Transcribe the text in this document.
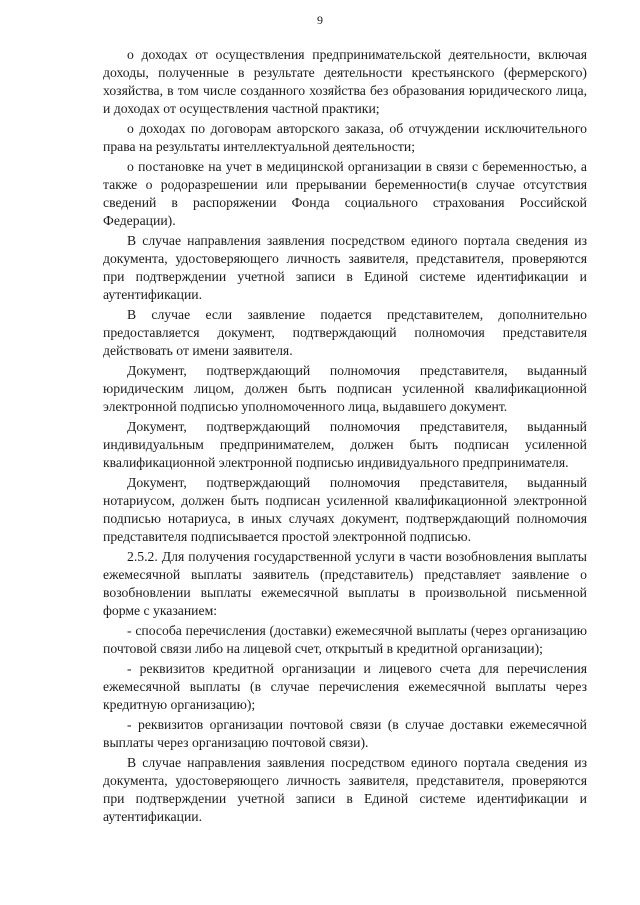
9

о доходах от осуществления предпринимательской деятельности, включая доходы, полученные в результате деятельности крестьянского (фермерского) хозяйства, в том числе созданного хозяйства без образования юридического лица, и доходах от осуществления частной практики;

о доходах по договорам авторского заказа, об отчуждении исключительного права на результаты интеллектуальной деятельности;

о постановке на учет в медицинской организации в связи с беременностью, а также о родоразрешении или прерывании беременности(в случае отсутствия сведений в распоряжении Фонда социального страхования Российской Федерации).

В случае направления заявления посредством единого портала сведения из документа, удостоверяющего личность заявителя, представителя, проверяются при подтверждении учетной записи в Единой системе идентификации и аутентификации.

В случае если заявление подается представителем, дополнительно предоставляется документ, подтверждающий полномочия представителя действовать от имени заявителя.

Документ, подтверждающий полномочия представителя, выданный юридическим лицом, должен быть подписан усиленной квалификационной электронной подписью уполномоченного лица, выдавшего документ.

Документ, подтверждающий полномочия представителя, выданный индивидуальным предпринимателем, должен быть подписан усиленной квалификационной электронной подписью индивидуального предпринимателя.

Документ, подтверждающий полномочия представителя, выданный нотариусом, должен быть подписан усиленной квалификационной электронной подписью нотариуса, в иных случаях документ, подтверждающий полномочия представителя подписывается простой электронной подписью.

2.5.2. Для получения государственной услуги в части возобновления выплаты ежемесячной выплаты заявитель (представитель) представляет заявление о возобновлении выплаты ежемесячной выплаты в произвольной письменной форме с указанием:

- способа перечисления (доставки) ежемесячной выплаты (через организацию почтовой связи либо на лицевой счет, открытый в кредитной организации);

- реквизитов кредитной организации и лицевого счета для перечисления ежемесячной выплаты (в случае перечисления ежемесячной выплаты через кредитную организацию);

- реквизитов организации почтовой связи (в случае доставки ежемесячной выплаты через организацию почтовой связи).

В случае направления заявления посредством единого портала сведения из документа, удостоверяющего личность заявителя, представителя, проверяются при подтверждении учетной записи в Единой системе идентификации и аутентификации.
